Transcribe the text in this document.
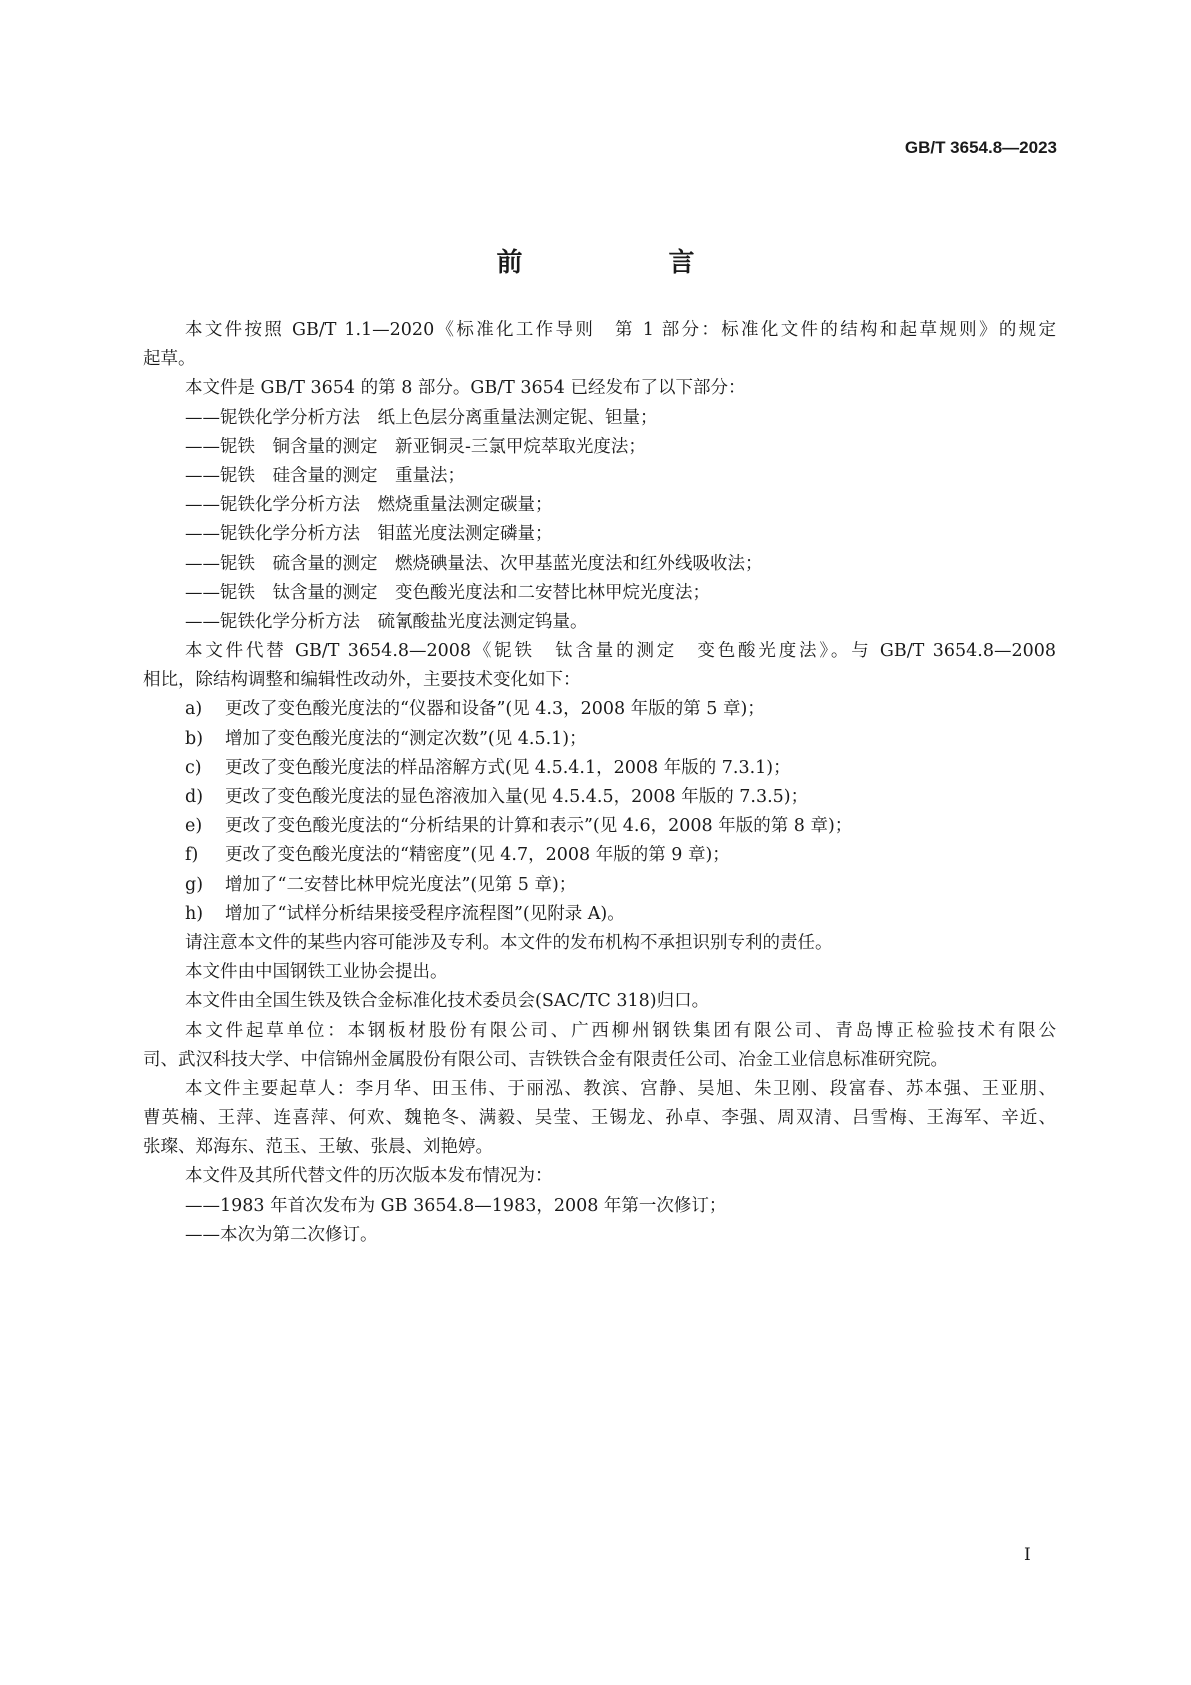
GB/T 3654.8—2023
前　言
本文件按照 GB/T 1.1—2020《标准化工作导则　第 1 部分：标准化文件的结构和起草规则》的规定
起草。
本文件是 GB/T 3654 的第 8 部分。GB/T 3654 已经发布了以下部分：
——铌铁化学分析方法　纸上色层分离重量法测定铌、钽量；
——铌铁　铜含量的测定　新亚铜灵-三氯甲烷萃取光度法；
——铌铁　硅含量的测定　重量法；
——铌铁化学分析方法　燃烧重量法测定碳量；
——铌铁化学分析方法　钼蓝光度法测定磷量；
——铌铁　硫含量的测定　燃烧碘量法、次甲基蓝光度法和红外线吸收法；
——铌铁　钛含量的测定　变色酸光度法和二安替比林甲烷光度法；
——铌铁化学分析方法　硫氰酸盐光度法测定钨量。
本文件代替 GB/T 3654.8—2008《铌铁　钛含量的测定　变色酸光度法》。与 GB/T 3654.8—2008
相比，除结构调整和编辑性改动外，主要技术变化如下：
a) 更改了变色酸光度法的“仪器和设备”(见 4.3，2008 年版的第 5 章)；
b) 增加了变色酸光度法的“测定次数”(见 4.5.1)；
c) 更改了变色酸光度法的样品溶解方式(见 4.5.4.1，2008 年版的 7.3.1)；
d) 更改了变色酸光度法的显色溶液加入量(见 4.5.4.5，2008 年版的 7.3.5)；
e) 更改了变色酸光度法的“分析结果的计算和表示”(见 4.6，2008 年版的第 8 章)；
f) 更改了变色酸光度法的“精密度”(见 4.7，2008 年版的第 9 章)；
g) 增加了“二安替比林甲烷光度法”(见第 5 章)；
h) 增加了“试样分析结果接受程序流程图”(见附录 A)。
请注意本文件的某些内容可能涉及专利。本文件的发布机构不承担识别专利的责任。
本文件由中国钢铁工业协会提出。
本文件由全国生铁及铁合金标准化技术委员会(SAC/TC 318)归口。
本文件起草单位：本钢板材股份有限公司、广西柳州钢铁集团有限公司、青岛博正检验技术有限公
司、武汉科技大学、中信锦州金属股份有限公司、吉铁铁合金有限责任公司、冶金工业信息标准研究院。
本文件主要起草人：李月华、田玉伟、于丽泓、教滨、宫静、吴旭、朱卫刚、段富春、苏本强、王亚朋、
曹英楠、王萍、连喜萍、何欢、魏艳冬、满毅、吴莹、王锡龙、孙卓、李强、周双清、吕雪梅、王海军、辛近、
张璨、郑海东、范玉、王敏、张晨、刘艳婷。
本文件及其所代替文件的历次版本发布情况为：
——1983 年首次发布为 GB 3654.8—1983，2008 年第一次修订；
——本次为第二次修订。
I
